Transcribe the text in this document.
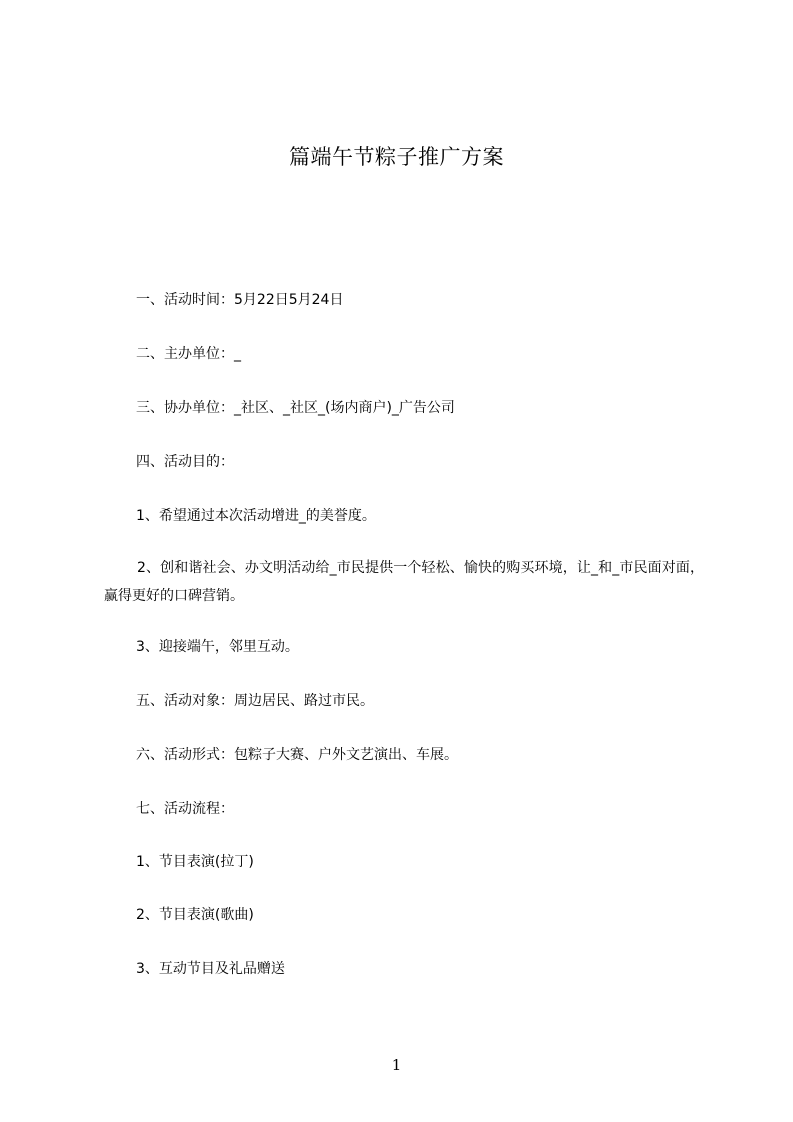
篇端午节粽子推广方案
一、活动时间：5月22日5月24日
二、主办单位：_
三、协办单位：_社区、_社区_(场内商户)_广告公司
四、活动目的：
1、希望通过本次活动增进_的美誉度。
2、创和谐社会、办文明活动给_市民提供一个轻松、愉快的购买环境，让_和_市民面对面，赢得更好的口碑营销。
3、迎接端午，邻里互动。
五、活动对象：周边居民、路过市民。
六、活动形式：包粽子大赛、户外文艺演出、车展。
七、活动流程：
1、节目表演(拉丁)
2、节目表演(歌曲)
3、互动节目及礼品赠送
1
